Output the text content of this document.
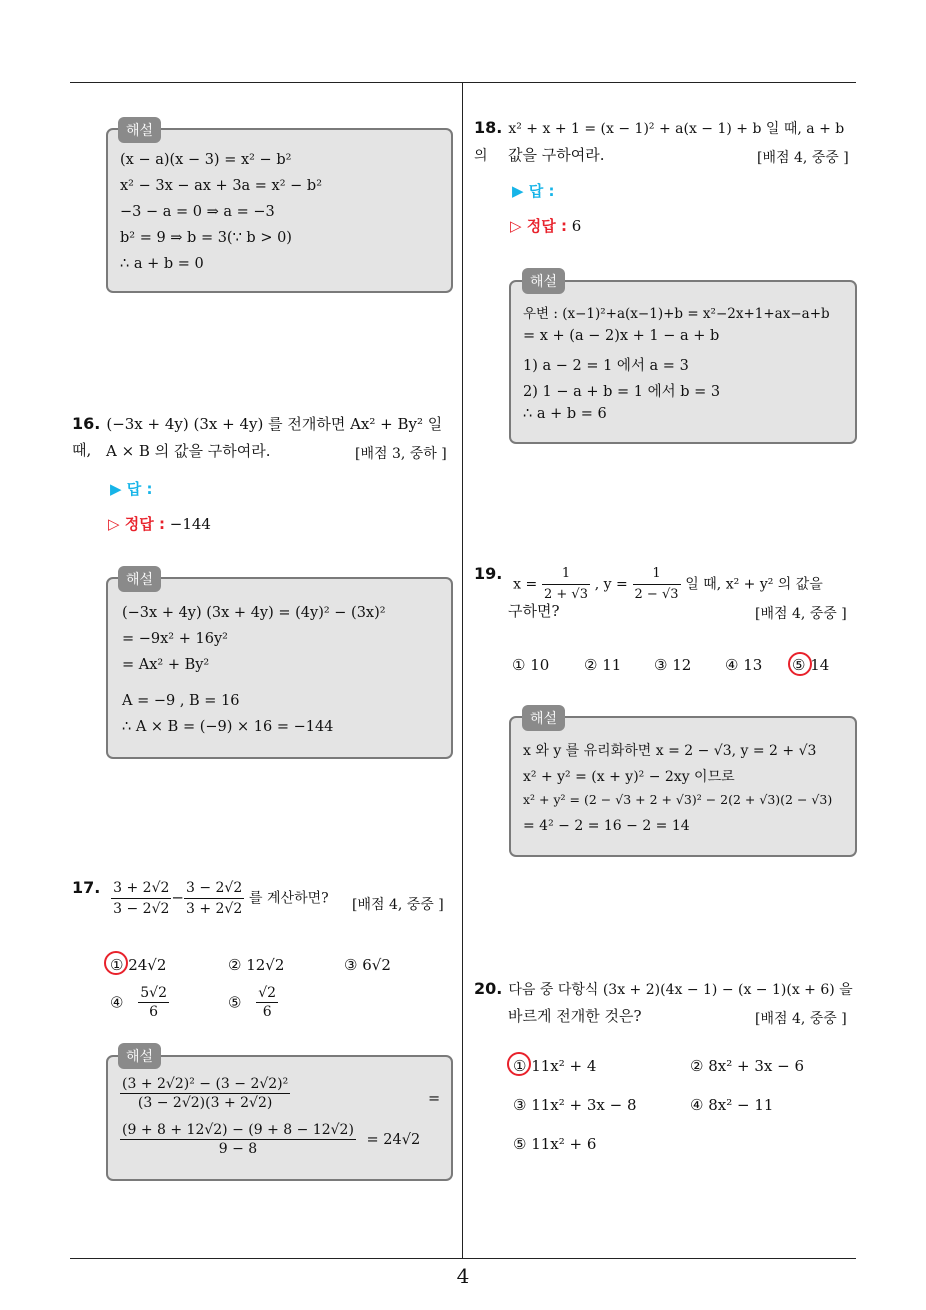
(x − a)(x − 3) = x² − b²
x² − 3x − ax + 3a = x² − b²
−3 − a = 0 ⇒ a = −3
b² = 9 ⇒ b = 3(∵ b > 0)
∴ a + b = 0
해설
16. (−3x + 4y) (3x + 4y) 를 전개하면 Ax² + By² 일 때, A × B 의 값을 구하여라.	[배점 3, 중하 ]
▶ 답 :
▷ 정답 : −144
(−3x + 4y) (3x + 4y) = (4y)² − (3x)²
= −9x² + 16y²
= Ax² + By²
A = −9 , B = 16
∴ A × B = (−9) × 16 = −144
해설
17. $\frac{3 + 2√2}{3 - 2√2} - \frac{3 - 2√2}{3 + 2√2}$ 를 계산하면? [배점 4, 중중 ]
① 24√2	② 12√2	③ 6√2
④ $\frac{5√2}{6}$	⑤ $\frac{√2}{6}$
$\frac{\text{(3 + 2√2)² − (3 − 2√2)²}}{(3 - 2√2)(3 + 2√2)}$	=
$\frac{(9 + 8 + 12√2) - (9 + 8 - 12√2)}{9 - 8} = 24√2$
해설
18. x² + x + 1 = (x − 1)² + a(x − 1) + b 일 때, a + b 의	값을 구하여라.	[배점 4, 중중 ]
▶ 답 :
▷ 정답 : 6
우변 : (x−1)²+a(x−1)+b = x²−2x+1+ax−a+b
= x + (a − 2)x + 1 − a + b
1) a − 2 = 1 에서 a = 3
2) 1 − a + b = 1 에서 b = 3
∴ a + b = 6
해설
19. $x = \frac{1}{2 + √3}$ , $y = \frac{1}{2 - √3}$ 일 때, x² + y² 의 값을
구하면?	[배점 4, 중중 ]
① 10 ② 11 ③ 12 ④ 13 ⑤ 14
x 와 y 를 유리화하면 x = 2 − √3, y = 2 + √3
x² + y² = (x + y)² − 2xy 이므로
x² + y² = (2 − √3 + 2 + √3)² − 2(2 + √3)(2 − √3)
= 4² − 2 = 16 − 2 = 14
해설
20. 다음 중 다항식 (3x + 2)(4x − 1) − (x − 1)(x + 6) 을
바르게 전개한 것은?	[배점 4, 중중 ]
① 11x² + 4	② 8x² + 3x − 6
③ 11x² + 3x − 8	④ 8x² − 11
⑤ 11x² + 6
4
